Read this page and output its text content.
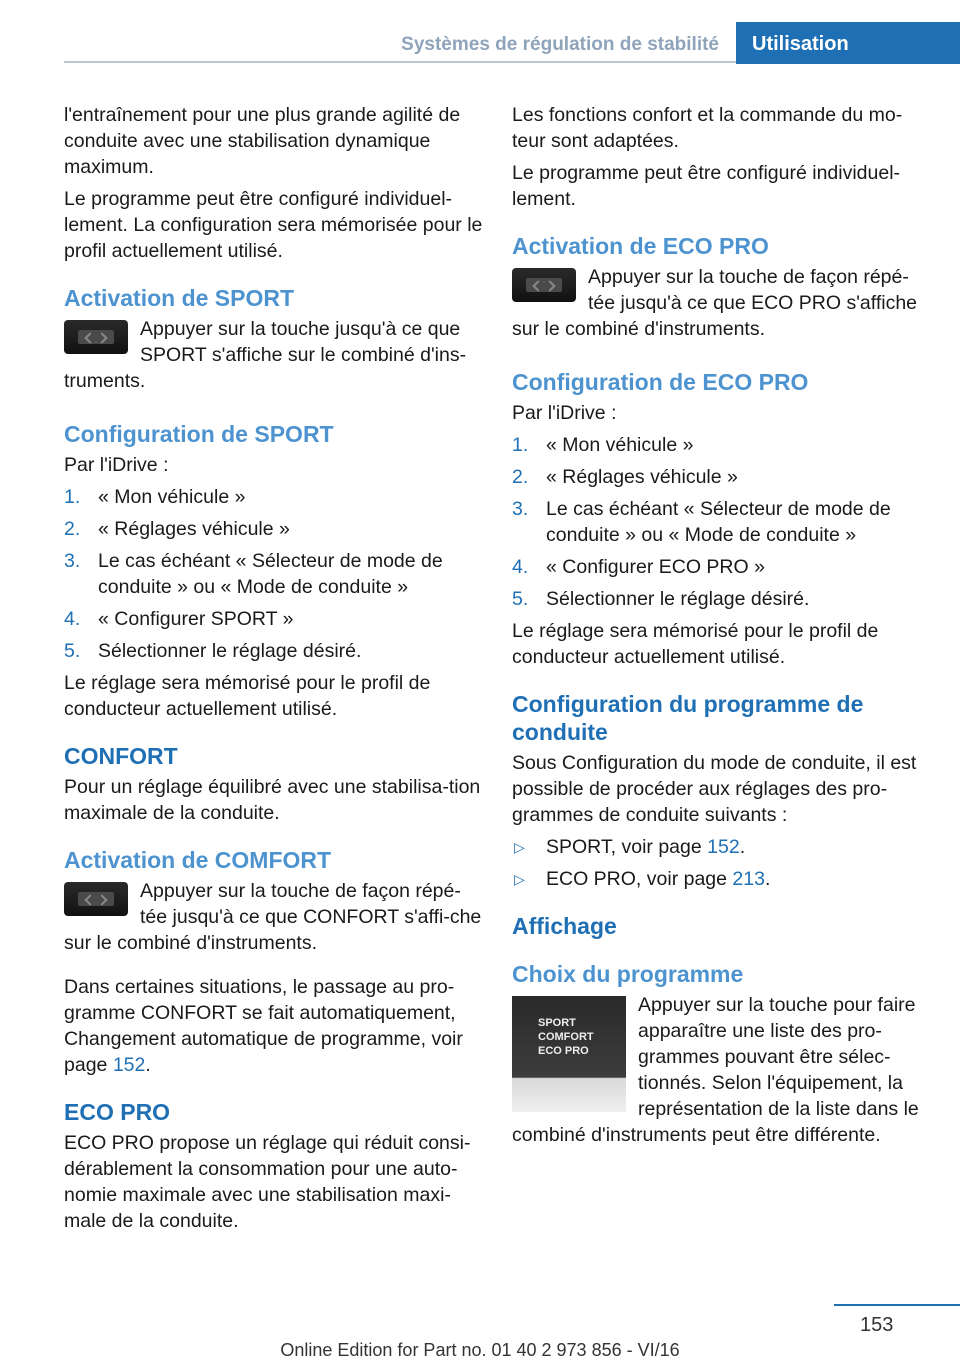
Systèmes de régulation de stabilité	Utilisation

l'entraînement pour une plus grande agilité de conduite avec une stabilisation dynamique maximum.

Le programme peut être configuré individuel‐lement. La configuration sera mémorisée pour le profil actuellement utilisé.

Activation de SPORT

Appuyer sur la touche jusqu'à ce que SPORT s'affiche sur le combiné d'ins‐truments.

Configuration de SPORT

Par l'iDrive :

1. « Mon véhicule »
2. « Réglages véhicule »
3. Le cas échéant « Sélecteur de mode de conduite » ou « Mode de conduite »
4. « Configurer SPORT »
5. Sélectionner le réglage désiré.

Le réglage sera mémorisé pour le profil de conducteur actuellement utilisé.

CONFORT

Pour un réglage équilibré avec une stabilisa‐tion maximale de la conduite.

Activation de COMFORT

Appuyer sur la touche de façon répé‐tée jusqu'à ce que CONFORT s'affi‐che sur le combiné d'instruments.

Dans certaines situations, le passage au pro‐gramme CONFORT se fait automatiquement, Changement automatique de programme, voir page 152.

ECO PRO

ECO PRO propose un réglage qui réduit consi‐dérablement la consommation pour une auto‐nomie maximale avec une stabilisation maxi‐male de la conduite.

Les fonctions confort et la commande du mo‐teur sont adaptées.

Le programme peut être configuré individuel‐lement.

Activation de ECO PRO

Appuyer sur la touche de façon répé‐tée jusqu'à ce que ECO PRO s'affiche sur le combiné d'instruments.

Configuration de ECO PRO

Par l'iDrive :

1. « Mon véhicule »
2. « Réglages véhicule »
3. Le cas échéant « Sélecteur de mode de conduite » ou « Mode de conduite »
4. « Configurer ECO PRO »
5. Sélectionner le réglage désiré.

Le réglage sera mémorisé pour le profil de conducteur actuellement utilisé.

Configuration du programme de conduite

Sous Configuration du mode de conduite, il est possible de procéder aux réglages des pro‐grammes de conduite suivants :

▷ SPORT, voir page 152.
▷ ECO PRO, voir page 213.
Affichage
Choix du programme
SPORT
COMFORT
ECO PRO

Appuyer sur la touche pour faire apparaître une liste des pro‐grammes pouvant être sélec‐tionnés. Selon l'équipement, la représentation de la liste dans le combiné d'instruments peut être différente.

153
Online Edition for Part no. 01 40 2 973 856 - VI/16
